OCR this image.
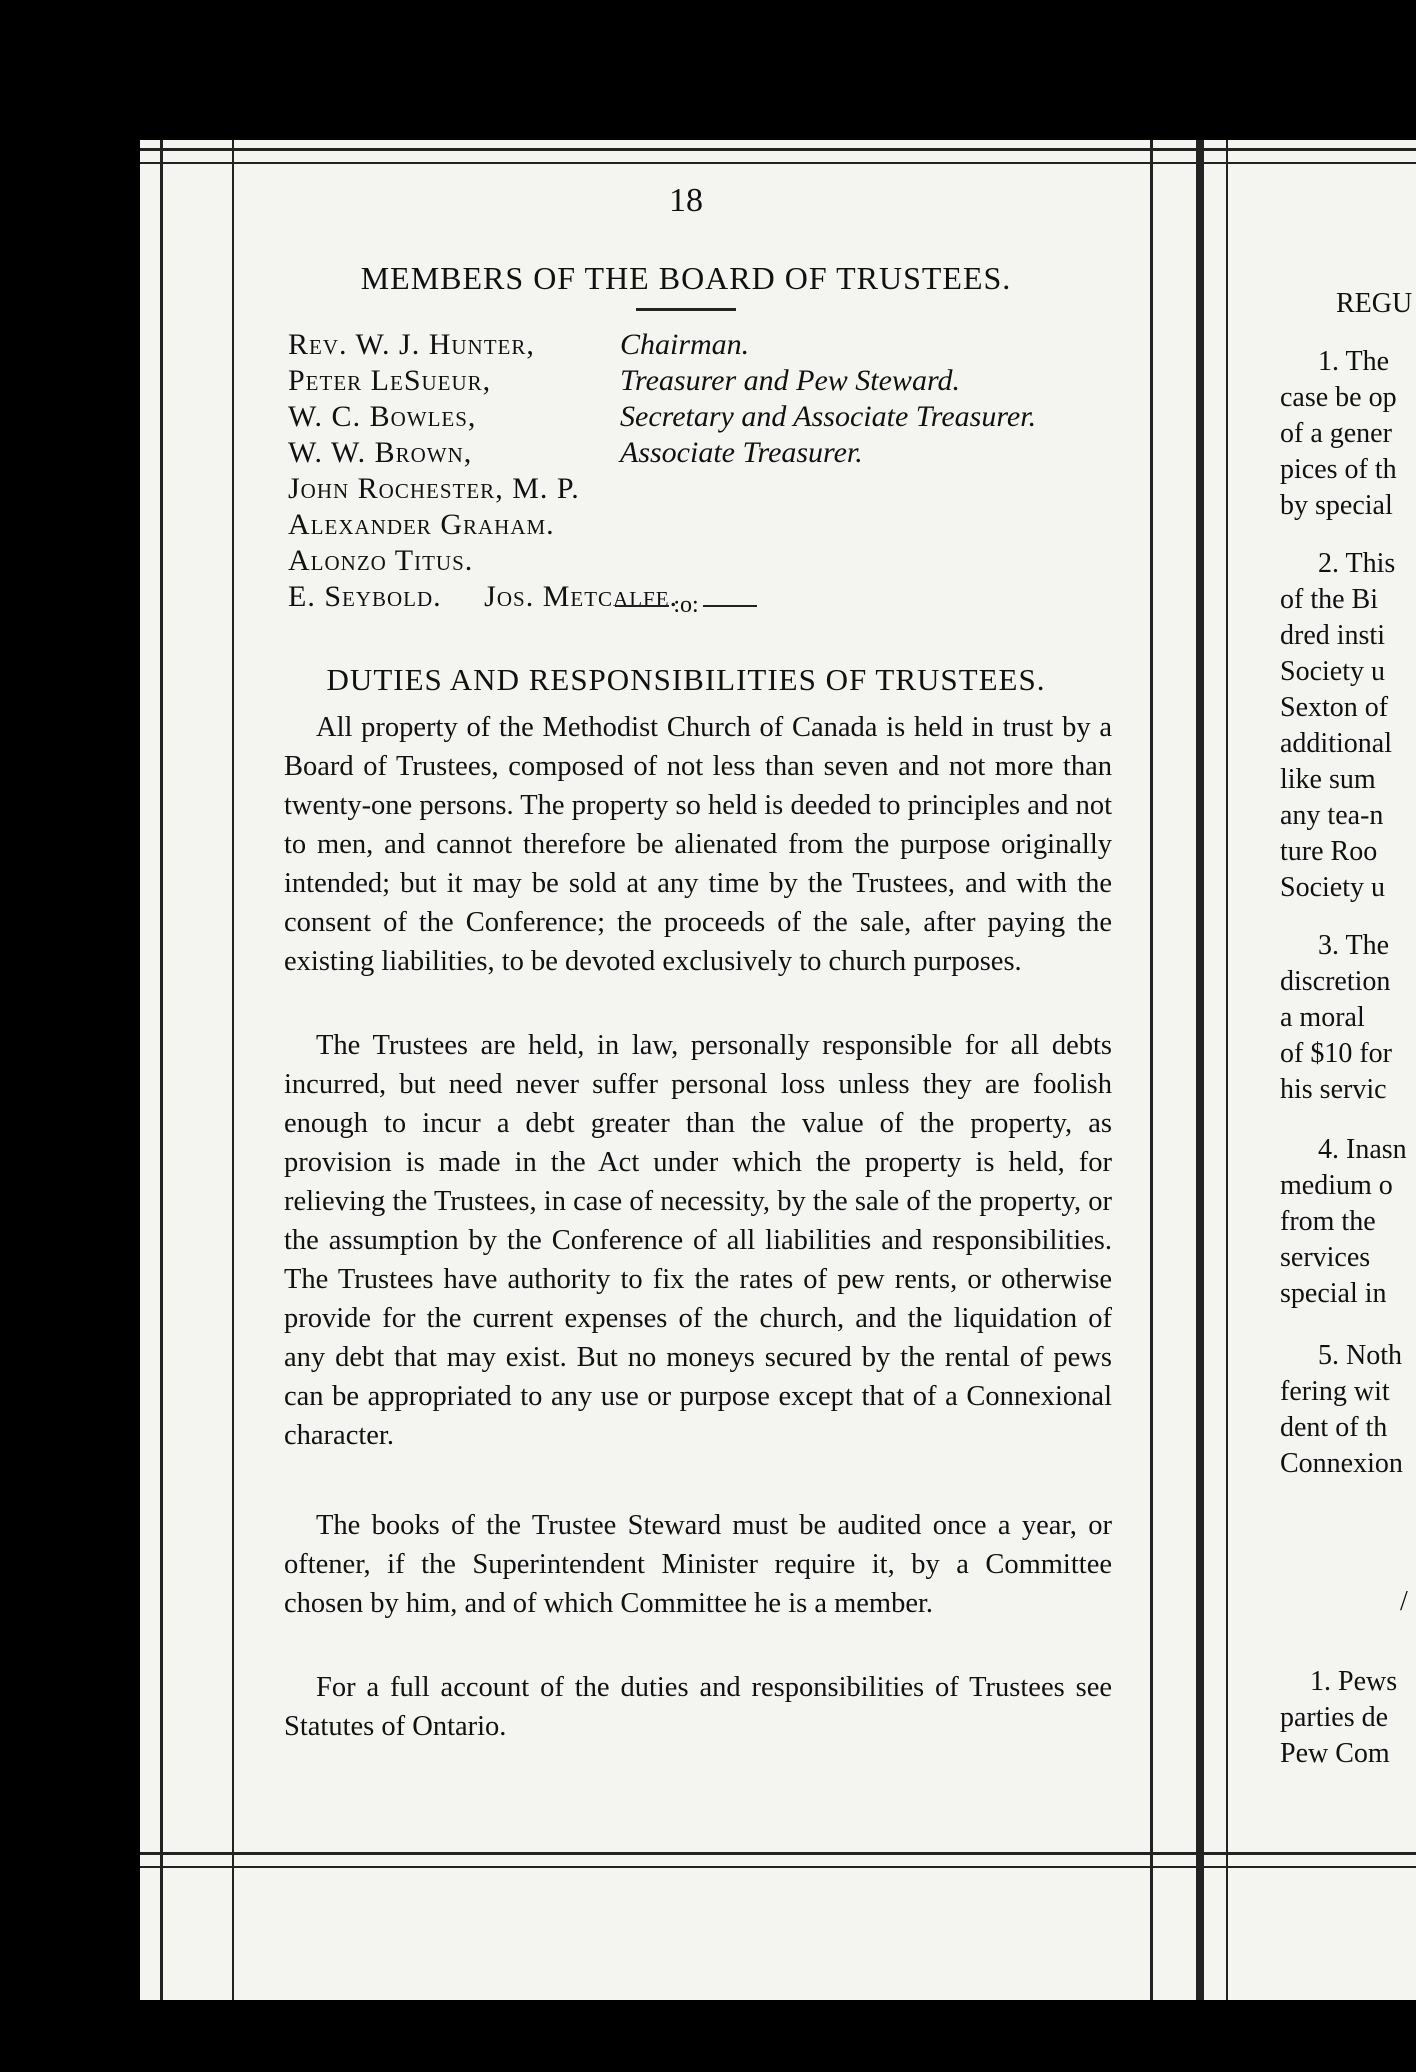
18
MEMBERS OF THE BOARD OF TRUSTEES.
Rev. W. J. Hunter,	Chairman.
Peter LeSueur,	Treasurer and Pew Steward.
W. C. Bowles,	Secretary and Associate Treasurer.
W. W. Brown,	Associate Treasurer.
John Rochester, M. P.
Alexander Graham.
Alonzo Titus.
E. Seybold.     Jos. Metcalfe.
:o:
DUTIES AND RESPONSIBILITIES OF TRUSTEES.

All property of the Methodist Church of Canada is held in trust by a Board of Trustees, composed of not less than seven and not more than twenty-one persons. The property so held is deeded to principles and not to men, and cannot therefore be alienated from the purpose originally intended; but it may be sold at any time by the Trustees, and with the consent of the Conference; the proceeds of the sale, after paying the existing liabilities, to be devoted exclusively to church purposes.

The Trustees are held, in law, personally responsible for all debts incurred, but need never suffer personal loss unless they are foolish enough to incur a debt greater than the value of the property, as provision is made in the Act under which the property is held, for relieving the Trustees, in case of necessity, by the sale of the property, or the assumption by the Conference of all liabilities and responsibilities. The Trustees have authority to fix the rates of pew rents, or otherwise provide for the current expenses of the church, and the liquidation of any debt that may exist. But no moneys secured by the rental of pews can be appropriated to any use or purpose except that of a Connexional character.

The books of the Trustee Steward must be audited once a year, or oftener, if the Superintendent Minister require it, by a Committee chosen by him, and of which Committee he is a member.

For a full account of the duties and responsibilities of Trustees see Statutes of Ontario.

REGU
1. The
case be op
of a gener
pices of th
by special
2. This
of the Bi
dred insti
Society u
Sexton of
additional
like sum
any tea-n
ture Roo
Society u
3. The
discretion
a moral
of $10 for
his servic
4. Inasn
medium o
from the
services
special in
5. Noth
fering wit
dent of th
Connexion
/
1. Pews
parties de
Pew Com
